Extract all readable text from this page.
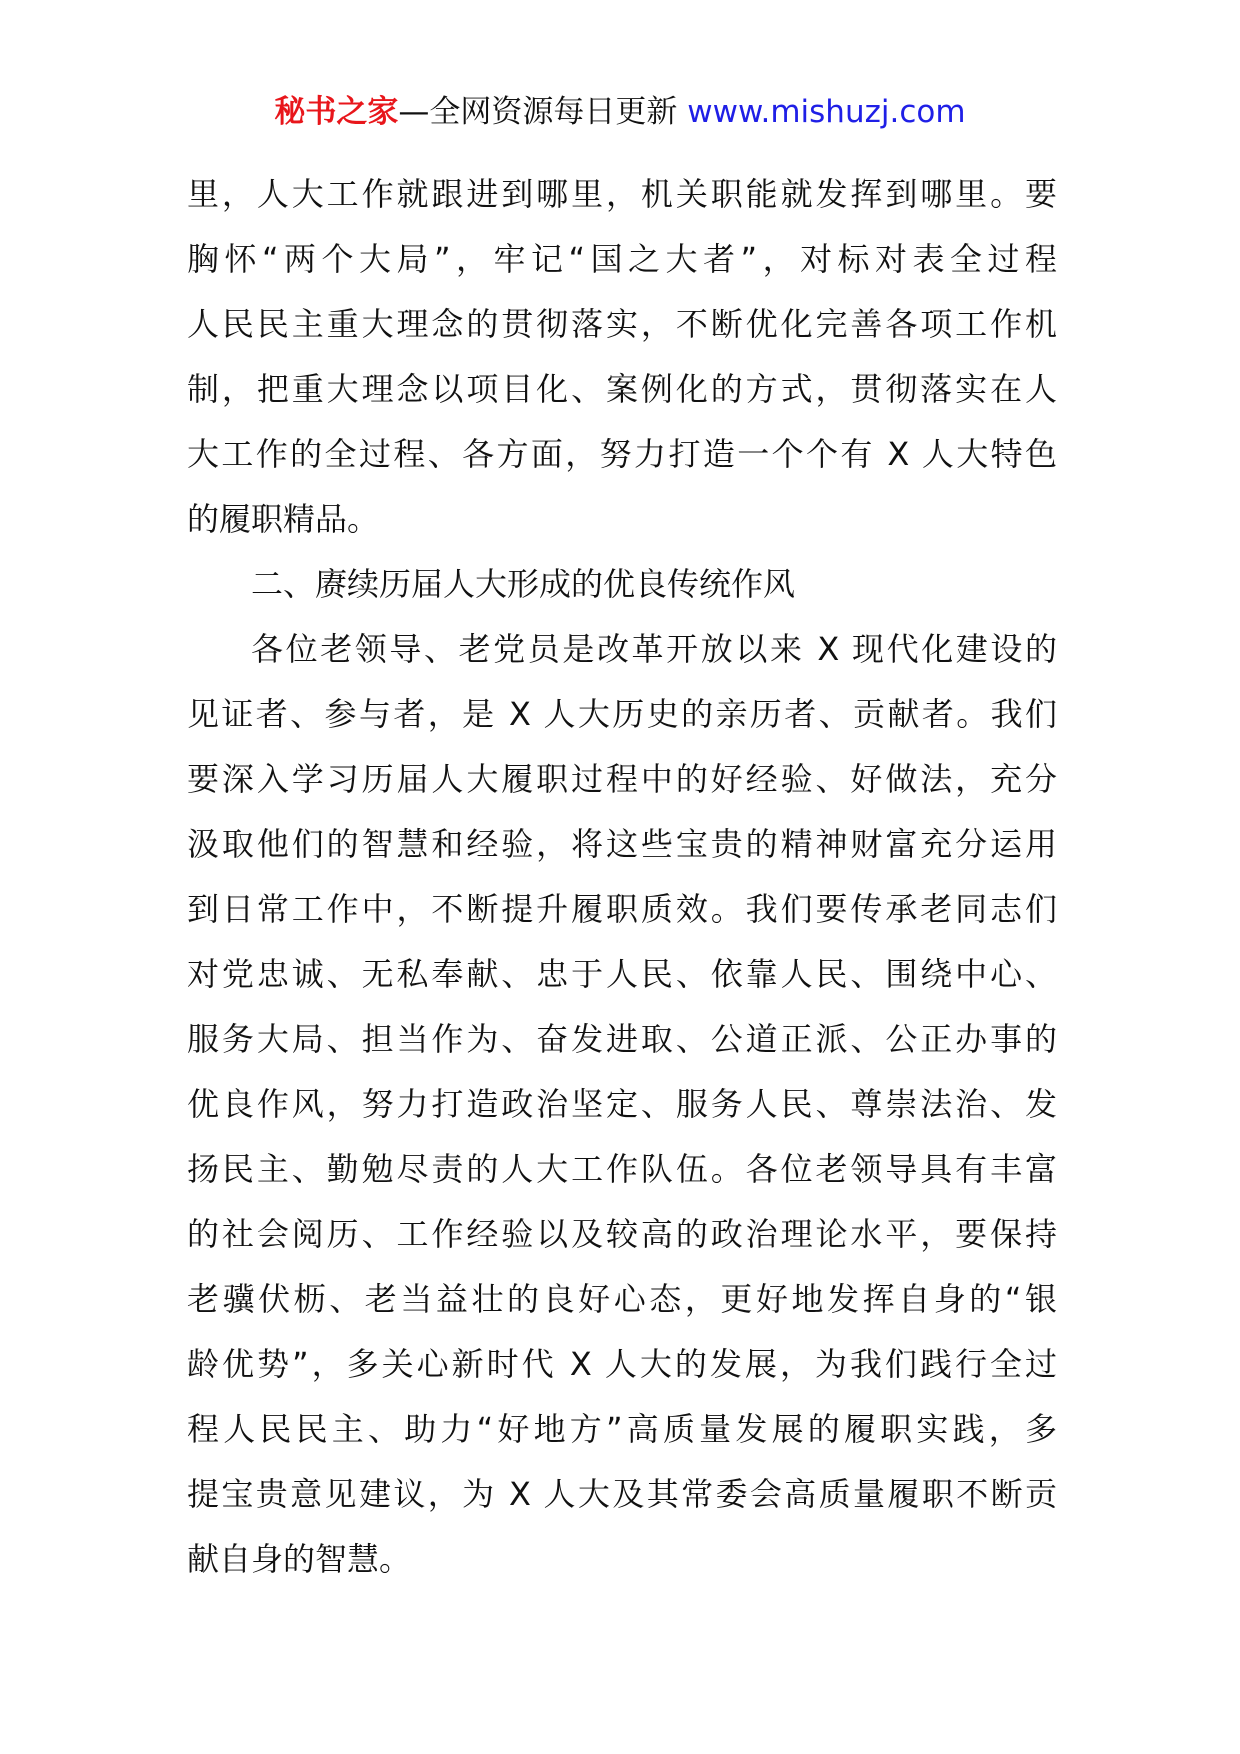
秘书之家—全网资源每日更新 www.mishuzj.com
里，人大工作就跟进到哪里，机关职能就发挥到哪里。要
胸怀“两个大局”，牢记“国之大者”，对标对表全过程
人民民主重大理念的贯彻落实，不断优化完善各项工作机
制，把重大理念以项目化、案例化的方式，贯彻落实在人
大工作的全过程、各方面，努力打造一个个有 X 人大特色
的履职精品。
二、赓续历届人大形成的优良传统作风
各位老领导、老党员是改革开放以来 X 现代化建设的
见证者、参与者，是 X 人大历史的亲历者、贡献者。我们
要深入学习历届人大履职过程中的好经验、好做法，充分
汲取他们的智慧和经验，将这些宝贵的精神财富充分运用
到日常工作中，不断提升履职质效。我们要传承老同志们
对党忠诚、无私奉献、忠于人民、依靠人民、围绕中心、
服务大局、担当作为、奋发进取、公道正派、公正办事的
优良作风，努力打造政治坚定、服务人民、尊崇法治、发
扬民主、勤勉尽责的人大工作队伍。各位老领导具有丰富
的社会阅历、工作经验以及较高的政治理论水平，要保持
老骥伏枥、老当益壮的良好心态，更好地发挥自身的“银
龄优势”，多关心新时代 X 人大的发展，为我们践行全过
程人民民主、助力“好地方”高质量发展的履职实践，多
提宝贵意见建议，为 X 人大及其常委会高质量履职不断贡
献自身的智慧。
